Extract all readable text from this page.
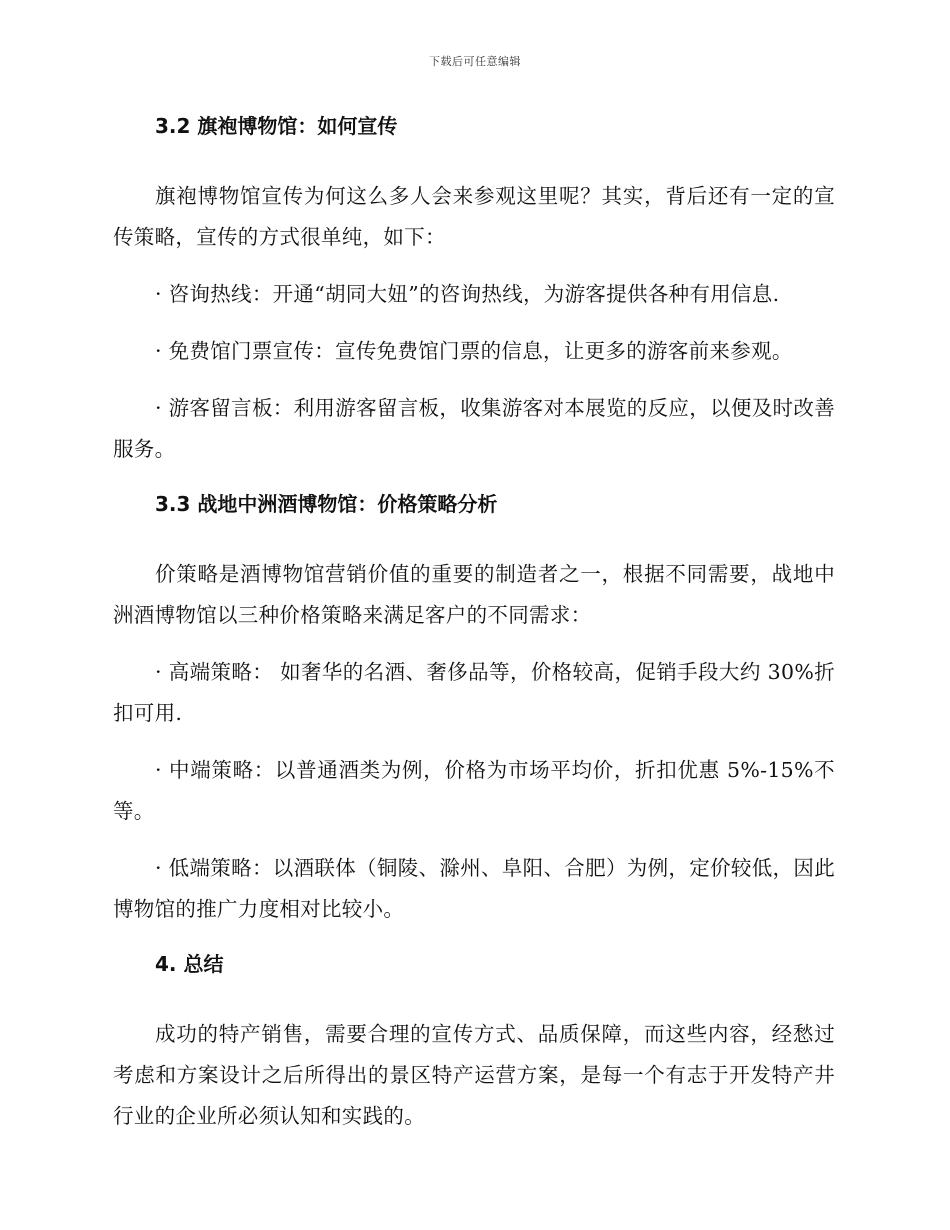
下载后可任意编辑
3.2 旗袍博物馆：如何宣传

旗袍博物馆宣传为何这么多人会来参观这里呢？其实，背后还有一定的宣传策略，宣传的方式很单纯，如下：

· 咨询热线：开通“胡同大妞”的咨询热线，为游客提供各种有用信息.

· 免费馆门票宣传：宣传免费馆门票的信息，让更多的游客前来参观。

· 游客留言板：利用游客留言板，收集游客对本展览的反应，以便及时改善服务。

3.3 战地中洲酒博物馆：价格策略分析

价策略是酒博物馆营销价值的重要的制造者之一，根据不同需要，战地中洲酒博物馆以三种价格策略来满足客户的不同需求：

· 高端策略： 如奢华的名酒、奢侈品等，价格较高，促销手段大约 30%折扣可用.

· 中端策略：以普通酒类为例，价格为市场平均价，折扣优惠 5%-15%不等。

· 低端策略：以酒联体（铜陵、滁州、阜阳、合肥）为例，定价较低，因此博物馆的推广力度相对比较小。

4. 总结

成功的特产销售，需要合理的宣传方式、品质保障，而这些内容，经愁过考虑和方案设计之后所得出的景区特产运营方案，是每一个有志于开发特产井行业的企业所必须认知和实践的。
